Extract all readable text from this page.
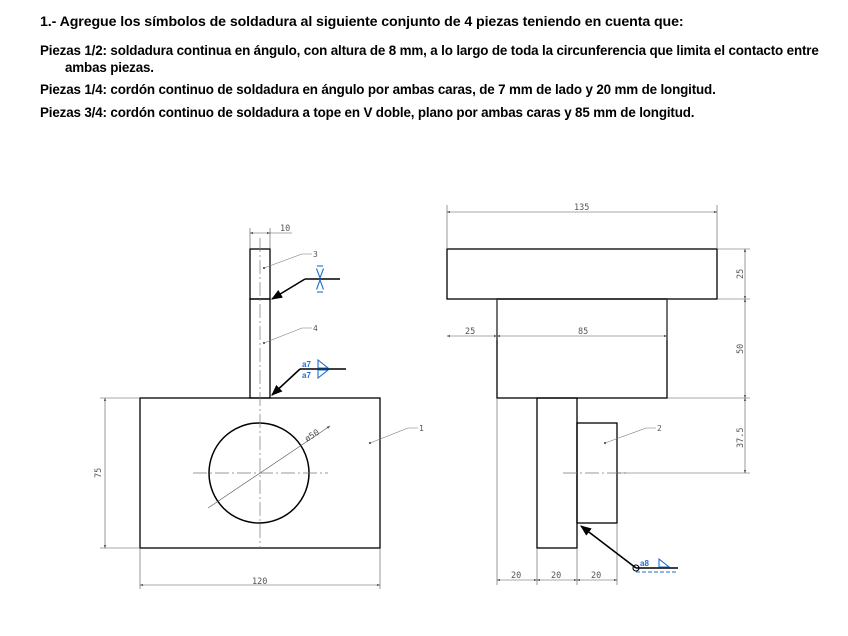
1.- Agregue los símbolos de soldadura al siguiente conjunto de 4 piezas teniendo en cuenta que:

Piezas 1/2: soldadura continua en ángulo, con altura de 8 mm, a lo largo de toda la circunferencia que limita el contacto entre ambas piezas.

Piezas 1/4: cordón continuo de soldadura en ángulo por ambas caras, de 7 mm de lado y 20 mm de longitud.

Piezas 3/4: cordón continuo de soldadura a tope en V doble, plano por ambas caras y 85 mm de longitud.

10
75
120
ø50
3
4
1
a7
a7
135
25	85
25
50
37.5
20	20	20
2
a8
